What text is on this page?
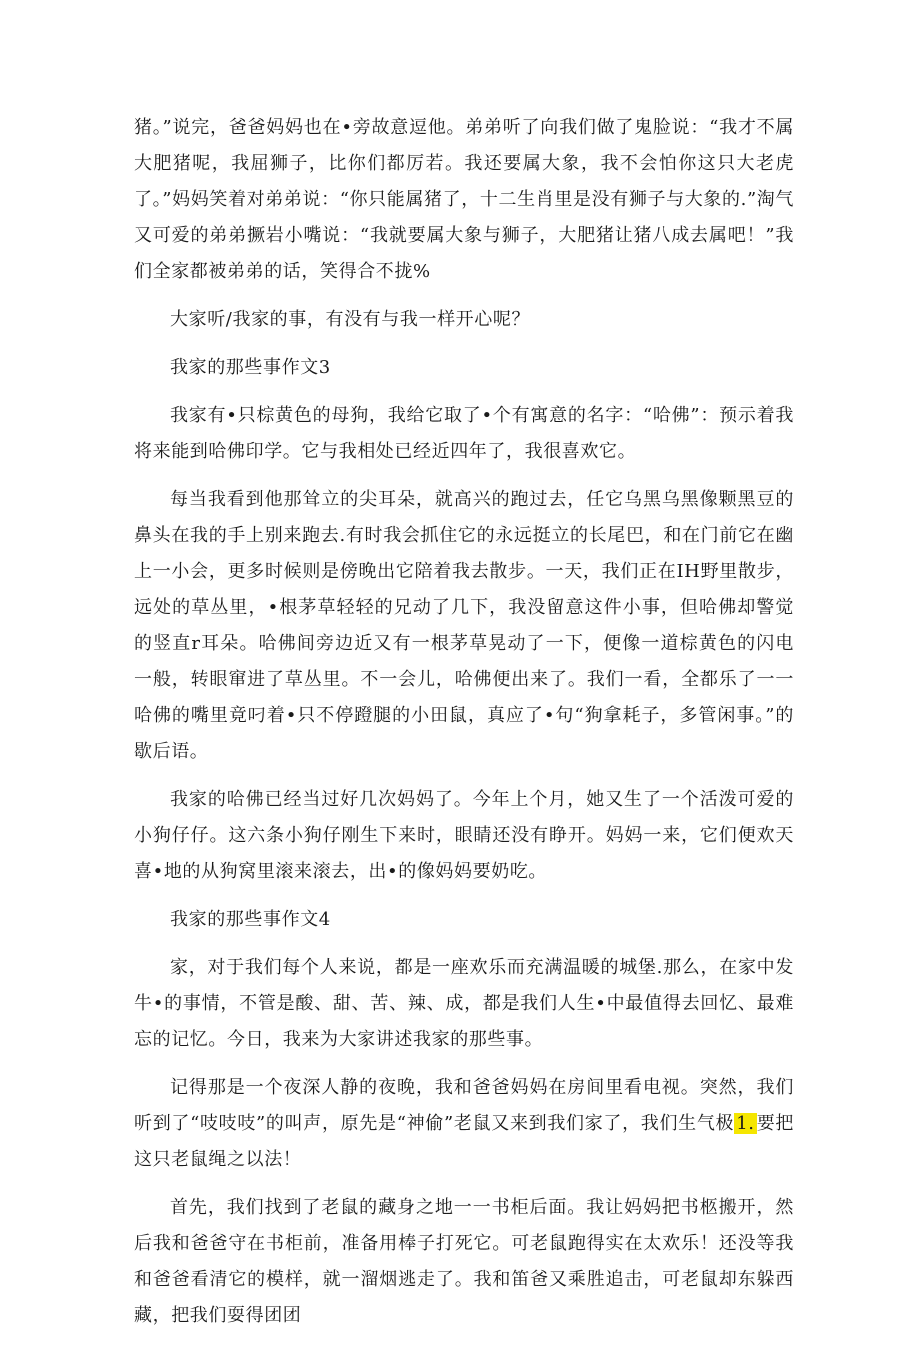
猪。”说完，爸爸妈妈也在•旁故意逗他。弟弟听了向我们做了鬼脸说：“我才不属大肥猪呢，我屈狮子，比你们都厉若。我还要属大象，我不会怕你这只大老虎了。”妈妈笑着对弟弟说：“你只能属猪了，十二生肖里是没有狮子与大象的.”淘气又可爱的弟弟撅岩小嘴说：“我就要属大象与狮子，大肥猪让猪八成去属吧！”我们全家都被弟弟的话，笑得合不拢%

大家听/我家的事，有没有与我一样开心呢？

我家的那些事作文3

我家有•只棕黄色的母狗，我给它取了•个有寓意的名字：“哈佛”：预示着我将来能到哈佛印学。它与我相处已经近四年了，我很喜欢它。

每当我看到他那耸立的尖耳朵，就高兴的跑过去，任它乌黑乌黑像颗黑豆的鼻头在我的手上别来跑去.有时我会抓住它的永远挺立的长尾巴，和在门前它在幽上一小会，更多时候则是傍晚出它陪着我去散步。一天，我们正在IH野里散步，远处的草丛里，•根茅草轻轻的兄动了几下，我没留意这件小事，但哈佛却警觉的竖直r耳朵。哈佛间旁边近又有一根茅草晃动了一下，便像一道棕黄色的闪电一般，转眼窜进了草丛里。不一会儿，哈佛便出来了。我们一看，全都乐了一一哈佛的嘴里竟叼着•只不停蹬腿的小田鼠，真应了•句“狗拿耗子，多管闲事。”的歇后语。

我家的哈佛已经当过好几次妈妈了。今年上个月，她又生了一个活泼可爱的小狗仔仔。这六条小狗仔刚生下来时，眼睛还没有睁开。妈妈一来，它们便欢天喜•地的从狗窝里滚来滚去，出•的像妈妈要奶吃。

我家的那些事作文4

家，对于我们每个人来说，都是一座欢乐而充满温暖的城堡.那么，在家中发牛•的事情，不管是酸、甜、苦、辣、成，都是我们人生•中最值得去回忆、最难忘的记忆。今日，我来为大家讲述我家的那些事。

记得那是一个夜深人静的夜晚，我和爸爸妈妈在房间里看电视。突然，我们听到了“吱吱吱”的叫声，原先是“神偷”老鼠又来到我们家了，我们生气极 1. 要把这只老鼠绳之以法！

首先，我们找到了老鼠的藏身之地一一书柜后面。我让妈妈把书柩搬开，然后我和爸爸守在书柜前，准备用棒子打死它。可老鼠跑得实在太欢乐！还没等我和爸爸看清它的模样，就一溜烟逃走了。我和笛爸又乘胜追击，可老鼠却东躲西藏，把我们耍得团团
